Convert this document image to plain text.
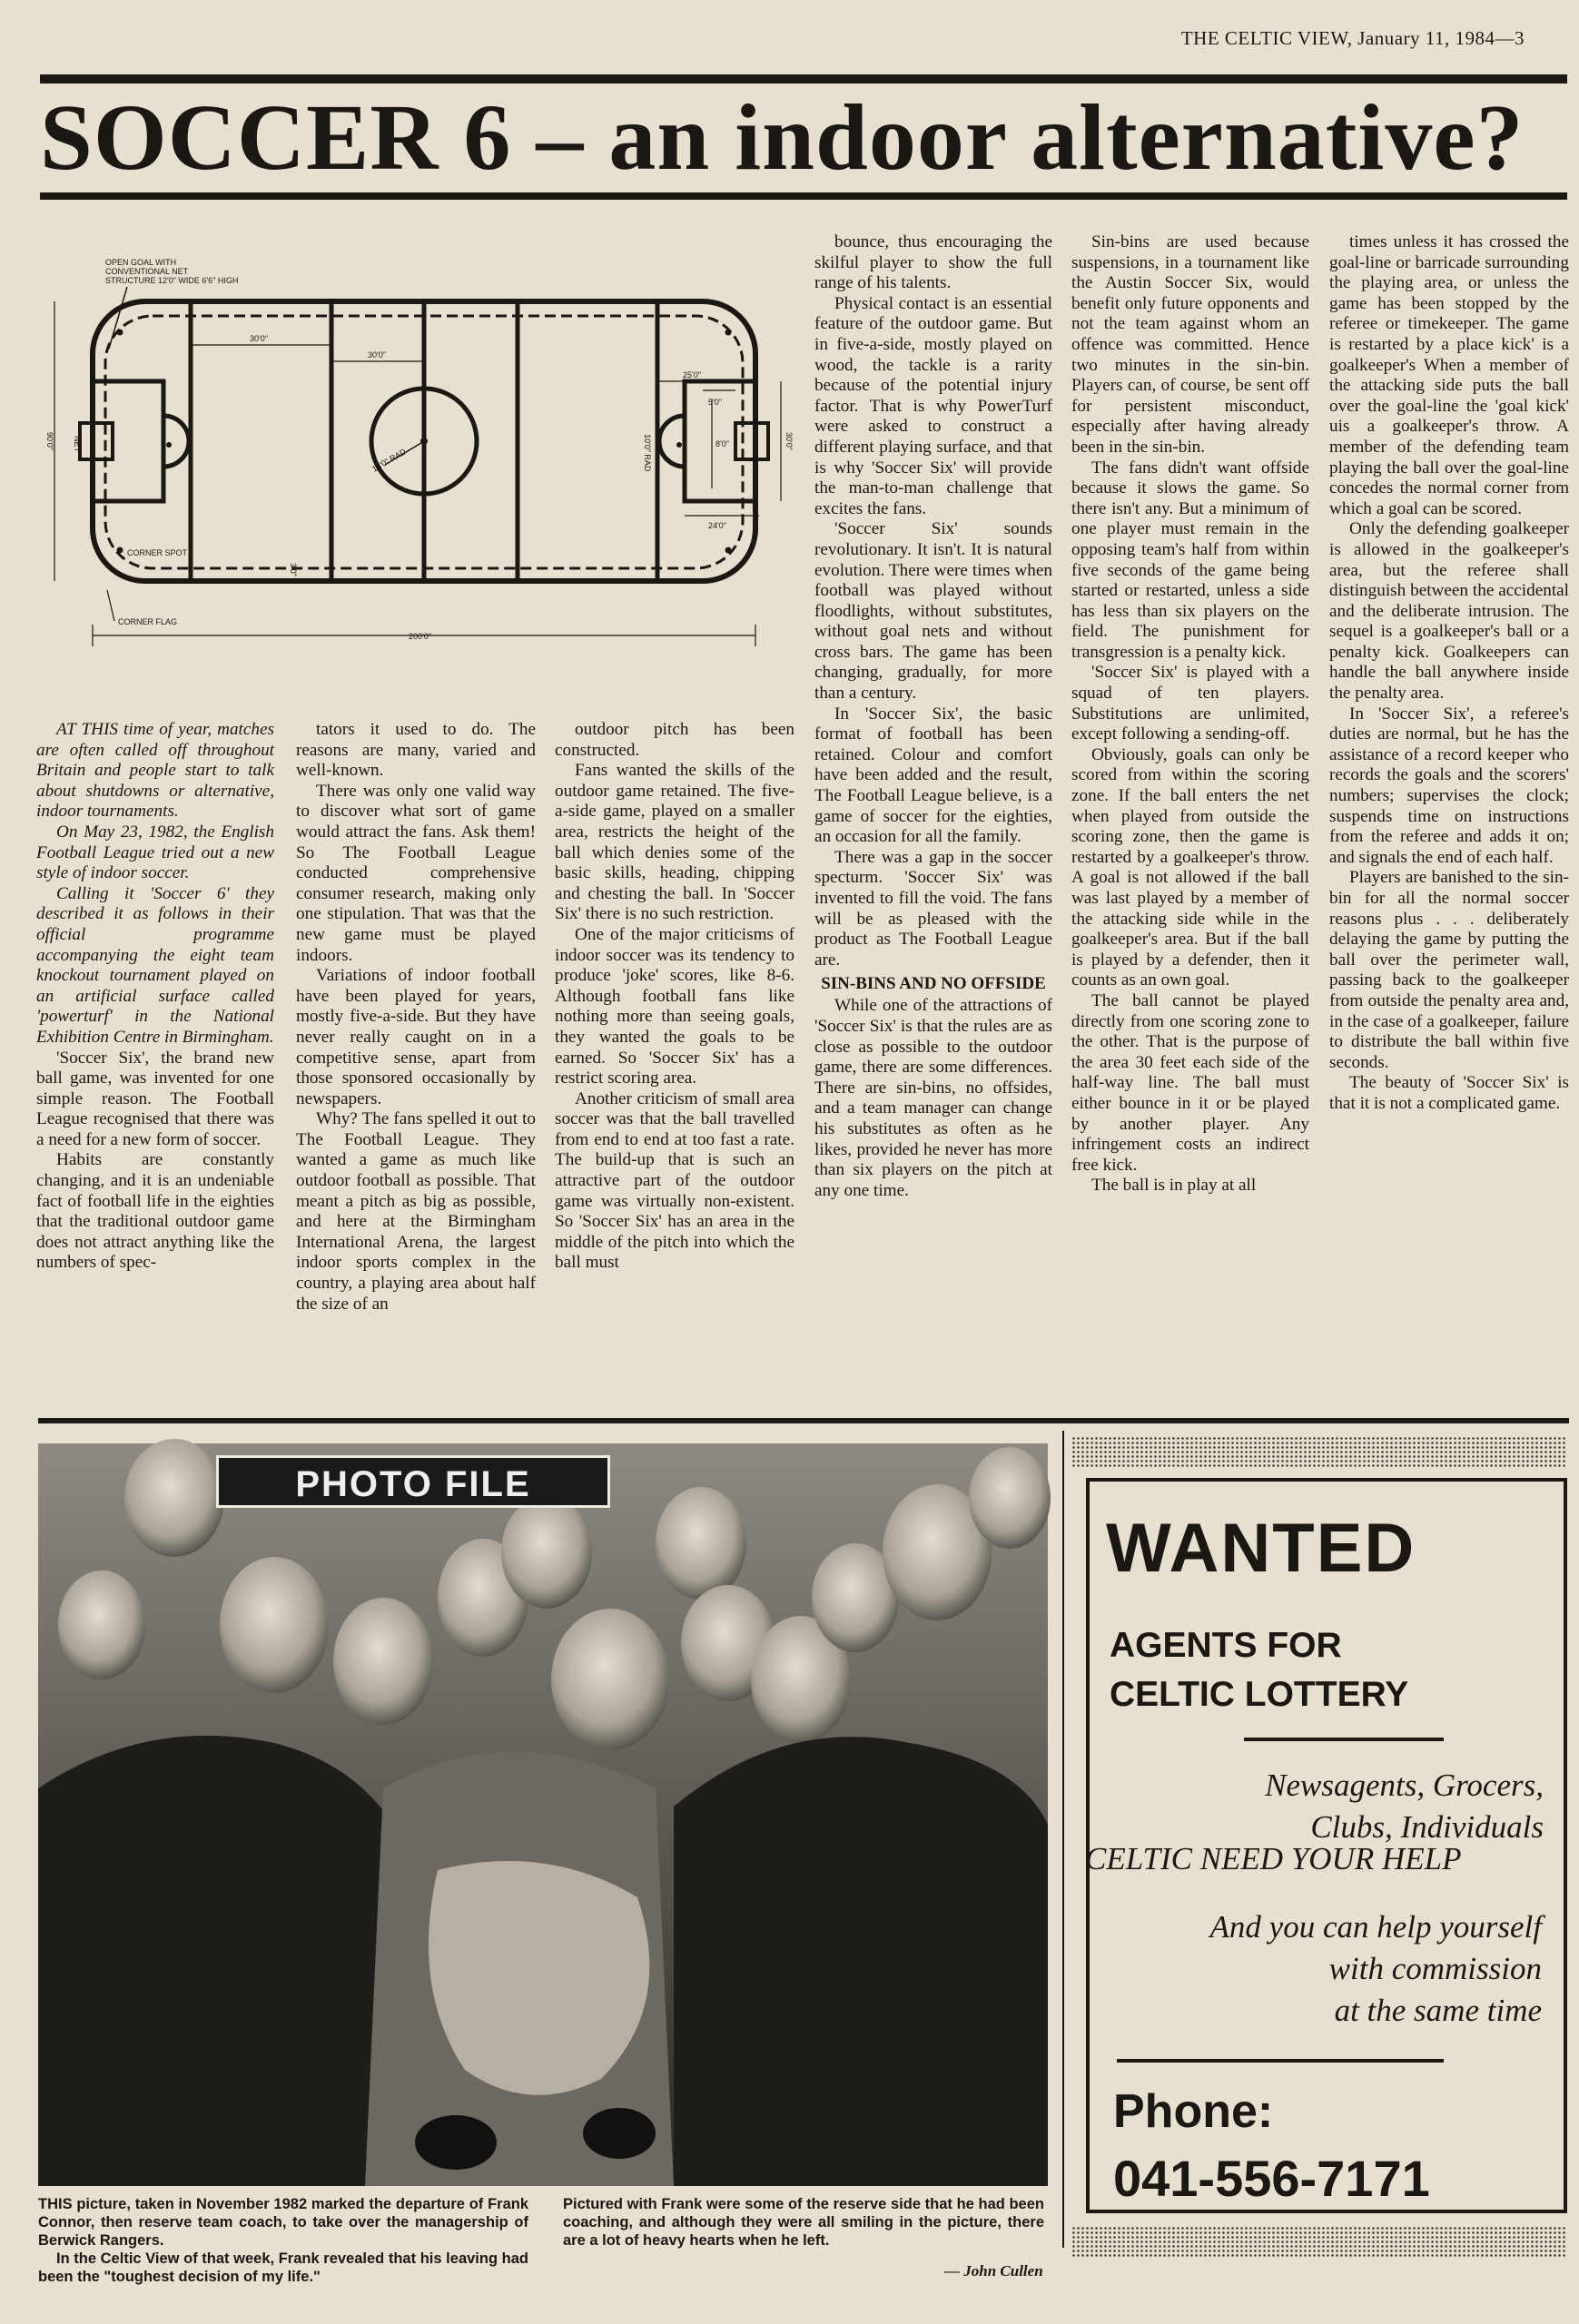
THE CELTIC VIEW, January 11, 1984—3
SOCCER 6 – an indoor alternative?
OPEN GOAL WITH
CONVENTIONAL NET
STRUCTURE 12'0" WIDE 6'6" HIGH
30'0"
30'0"
25'0"
5'0"
8'0"
24'0"
NET
90'0"	30'0"
15'0" RAD	10'0" RAD
3'0"
CORNER SPOT
CORNER FLAG
200'0"

AT THIS time of year, matches are often called off throughout Britain and people start to talk about shutdowns or alternative, indoor tournaments.

On May 23, 1982, the English Football League tried out a new style of indoor soccer.

Calling it 'Soccer 6' they described it as follows in their official programme accompanying the eight team knockout tournament played on an artificial surface called 'powerturf' in the National Exhibition Centre in Birmingham.

'Soccer Six', the brand new ball game, was invented for one simple reason. The Football League recognised that there was a need for a new form of soccer.

Habits are constantly changing, and it is an undeniable fact of football life in the eighties that the traditional outdoor game does not attract anything like the numbers of spec-

tators it used to do. The reasons are many, varied and well-known.

There was only one valid way to discover what sort of game would attract the fans. Ask them! So The Football League conducted comprehensive consumer research, making only one stipulation. That was that the new game must be played indoors.

Variations of indoor football have been played for years, mostly five-a-side. But they have never really caught on in a competitive sense, apart from those sponsored occasionally by newspapers.

Why? The fans spelled it out to The Football League. They wanted a game as much like outdoor football as possible. That meant a pitch as big as possible, and here at the Birmingham International Arena, the largest indoor sports complex in the country, a playing area about half the size of an

outdoor pitch has been constructed.

Fans wanted the skills of the outdoor game retained. The five-a-side game, played on a smaller area, restricts the height of the ball which denies some of the basic skills, heading, chipping and chesting the ball. In 'Soccer Six' there is no such restriction.

One of the major criticisms of indoor soccer was its tendency to produce 'joke' scores, like 8-6. Although football fans like nothing more than seeing goals, they wanted the goals to be earned. So 'Soccer Six' has a restrict scoring area.

Another criticism of small area soccer was that the ball travelled from end to end at too fast a rate. The build-up that is such an attractive part of the outdoor game was virtually non-existent. So 'Soccer Six' has an area in the middle of the pitch into which the ball must

bounce, thus encouraging the skilful player to show the full range of his talents.

Physical contact is an essential feature of the outdoor game. But in five-a-side, mostly played on wood, the tackle is a rarity because of the potential injury factor. That is why PowerTurf were asked to construct a different playing surface, and that is why 'Soccer Six' will provide the man-to-man challenge that excites the fans.

'Soccer Six' sounds revolutionary. It isn't. It is natural evolution. There were times when football was played without floodlights, without substitutes, without goal nets and without cross bars. The game has been changing, gradually, for more than a century.

In 'Soccer Six', the basic format of football has been retained. Colour and comfort have been added and the result, The Football League believe, is a game of soccer for the eighties, an occasion for all the family.

There was a gap in the soccer specturm. 'Soccer Six' was invented to fill the void. The fans will be as pleased with the product as The Football League are.

SIN-BINS AND NO OFFSIDE

While one of the attractions of 'Soccer Six' is that the rules are as close as possible to the outdoor game, there are some differences. There are sin-bins, no offsides, and a team manager can change his substitutes as often as he likes, provided he never has more than six players on the pitch at any one time.

Sin-bins are used because suspensions, in a tournament like the Austin Soccer Six, would benefit only future opponents and not the team against whom an offence was committed. Hence two minutes in the sin-bin. Players can, of course, be sent off for persistent misconduct, especially after having already been in the sin-bin.

The fans didn't want offside because it slows the game. So there isn't any. But a minimum of one player must remain in the opposing team's half from within five seconds of the game being started or restarted, unless a side has less than six players on the field. The punishment for transgression is a penalty kick.

'Soccer Six' is played with a squad of ten players. Substitutions are unlimited, except following a sending-off.

Obviously, goals can only be scored from within the scoring zone. If the ball enters the net when played from outside the scoring zone, then the game is restarted by a goalkeeper's throw. A goal is not allowed if the ball was last played by a member of the attacking side while in the goalkeeper's area. But if the ball is played by a defender, then it counts as an own goal.

The ball cannot be played directly from one scoring zone to the other. That is the purpose of the area 30 feet each side of the half-way line. The ball must either bounce in it or be played by another player. Any infringement costs an indirect free kick.

The ball is in play at all

times unless it has crossed the goal-line or barricade surrounding the playing area, or unless the game has been stopped by the referee or timekeeper. The game is restarted by a place kick' is a goalkeeper's When a member of the attacking side puts the ball over the goal-line the 'goal kick' uis a goalkeeper's throw. A member of the defending team playing the ball over the goal-line concedes the normal corner from which a goal can be scored.

Only the defending goalkeeper is allowed in the goalkeeper's area, but the referee shall distinguish between the accidental and the deliberate intrusion. The sequel is a goalkeeper's ball or a penalty kick. Goalkeepers can handle the ball anywhere inside the penalty area.

In 'Soccer Six', a referee's duties are normal, but he has the assistance of a record keeper who records the goals and the scorers' numbers; supervises the clock; suspends time on instructions from the referee and adds it on; and signals the end of each half.

Players are banished to the sin-bin for all the normal soccer reasons plus . . . deliberately delaying the game by putting the ball over the perimeter wall, passing back to the goalkeeper from outside the penalty area and, in the case of a goalkeeper, failure to distribute the ball within five seconds.

The beauty of 'Soccer Six' is that it is not a complicated game.

PHOTO FILE

THIS picture, taken in November 1982 marked the departure of Frank Connor, then reserve team coach, to take over the managership of Berwick Rangers.

In the Celtic View of that week, Frank revealed that his leaving had been the "toughest decision of my life."

Pictured with Frank were some of the reserve side that he had been coaching, and although they were all smiling in the picture, there are a lot of heavy hearts when he left.

— John Cullen
WANTED
AGENTS FOR
CELTIC LOTTERY
Newsagents, Grocers,
Clubs, Individuals
CELTIC NEED YOUR HELP
And you can help yourself
with commission
at the same time
Phone:
041-556-7171
